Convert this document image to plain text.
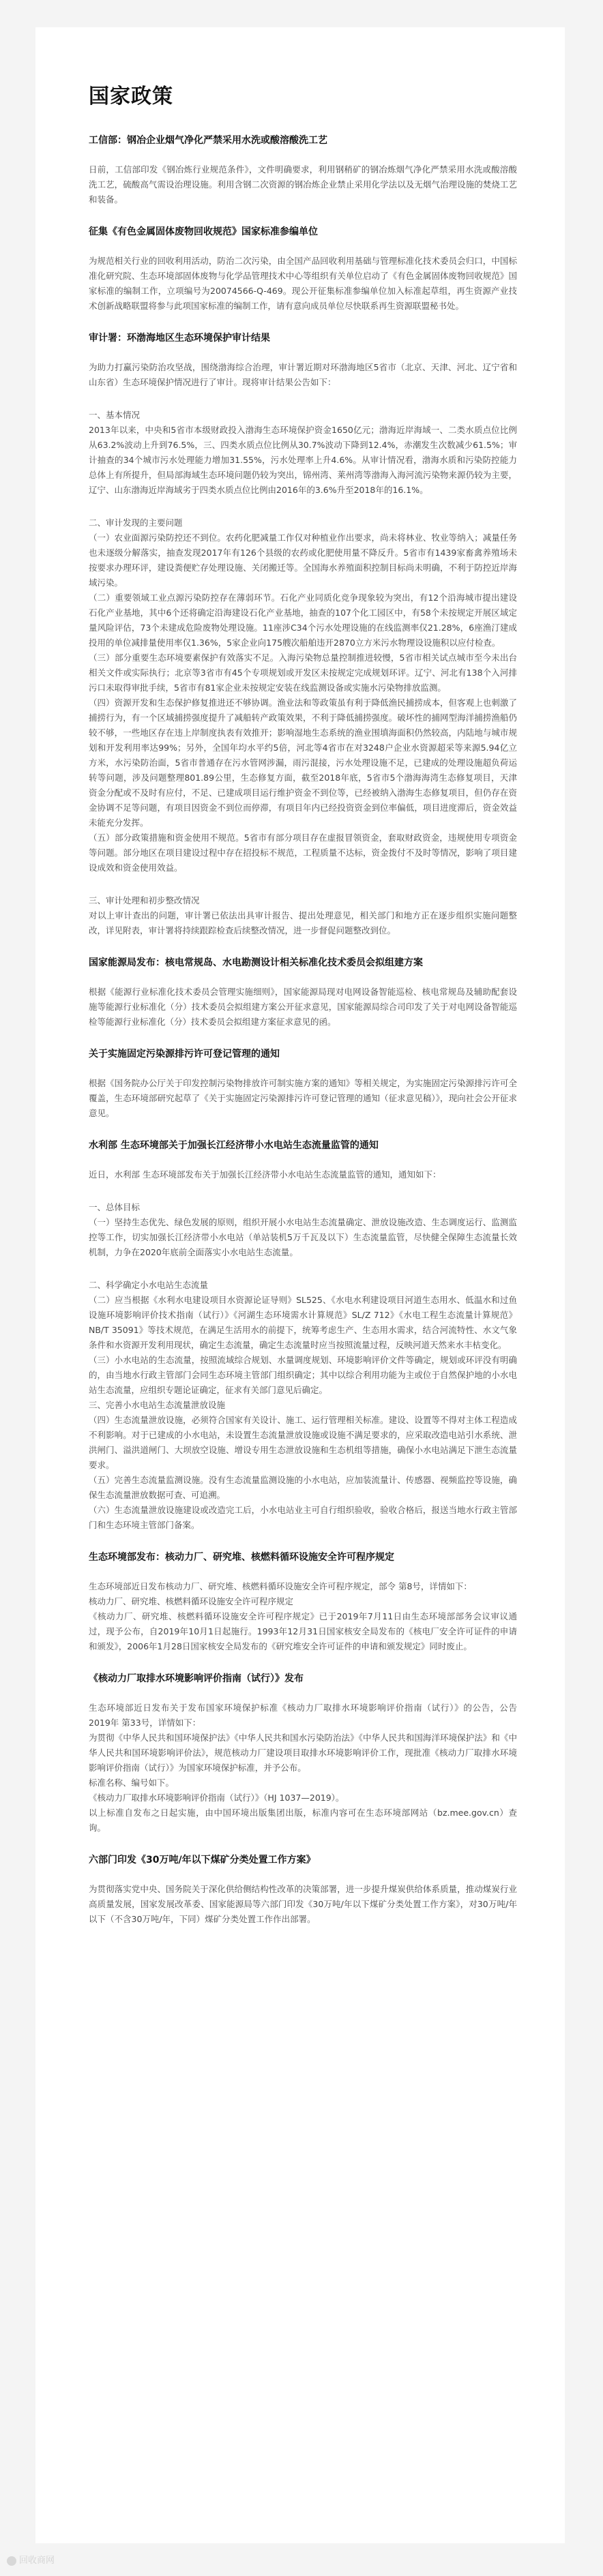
国家政策
工信部：钢冶企业烟气净化严禁采用水洗或酸溶酸洗工艺

日前，工信部印发《钢冶炼行业规范条件》，文件明确要求，利用钢稍矿的钢冶炼烟气净化严禁采用水洗或酸溶酸洗工艺，硫酸高气需设治理设施。利用含钢二次资源的钢冶炼企业禁止采用化学法以及无烟气治理设施的焚烧工艺和装备。

征集《有色金属固体废物回收规范》国家标准参编单位

为规范相关行业的回收利用活动，防治二次污染，由全国产品回收利用基础与管理标准化技术委员会归口，中国标准化研究院、生态环境部固体废物与化学品管理技术中心等组织有关单位启动了《有色金属固体废物回收规范》国家标准的编制工作，立项编号为20074566-Q-469。现公开征集标准参编单位加入标准起草组，再生资源产业技术创新战略联盟将参与此项国家标准的编制工作，请有意向成员单位尽快联系再生资源联盟秘书处。

审计署：环渤海地区生态环境保护审计结果

为助力打赢污染防治攻坚战，围绕渤海综合治理，审计署近期对环渤海地区5省市（北京、天津、河北、辽宁省和山东省）生态环境保护情况进行了审计。现将审计结果公告如下：

一、基本情况
2013年以来，中央和5省市本级财政投入渤海生态环境保护资金1650亿元；渤海近岸海域一、二类水质点位比例从63.2%波动上升到76.5%，三、四类水质点位比例从30.7%波动下降到12.4%，赤潮发生次数减少61.5%；审计抽查的34个城市污水处理能力增加31.55%，污水处理率上升4.6%。从审计情况看，渤海水质和污染防控能力总体上有所提升，但局部海域生态环境问题仍较为突出，锦州湾、莱州湾等渤海入海河流污染物来源仍较为主要，辽宁、山东渤海近岸海域劣于四类水质点位比例由2016年的3.6%升至2018年的16.1%。

二、审计发现的主要问题
（一）农业面源污染防控还不到位。农药化肥减量工作仅对种植业作出要求，尚未将林业、牧业等纳入；减量任务也未逐级分解落实，抽查发现2017年有126个县级的农药或化肥使用量不降反升。5省市有1439家畜禽养殖场未按要求办理环评，建设粪便贮存处理设施、关闭搬迁等。全国海水养殖面积控制目标尚未明确，不利于防控近岸海域污染。
（二）重要领域工业点源污染防控存在薄弱环节。石化产业同质化竞争现象较为突出，有12个沿海城市提出建设石化产业基地，其中6个还将确定沿海建设石化产业基地，抽查的107个化工园区中，有58个未按规定开展区域定量风险评估，73个未建成危险废物处理设施。11座涉C34个污水处理设施的在线监测率仅21.28%，6座渔汀建成投用的单位减排量使用率仅1.36%，5家企业向175艘次船舶违开2870立方米污水物理设设施积以应付检查。
（三）部分重要生态环境要素保护有效落实不足。入海污染物总量控制推进较慢，5省市相关试点城市至今未出台相关文件或实际执行；北京等3省市有45个专项规划或开发区未按规定完成规划环评。辽宁、河北有138个入河排污口未取得审批手续，5省市有81家企业未按规定安装在线监测设备或实施水污染物排放监测。
（四）资源开发和生态保护修复推进还不够协调。渔业法和等政策虽有利于降低渔民捕捞成本，但客观上也刺激了捕捞行为，有一个区域捕捞强度提升了减船转产政策效果，不利于降低捕捞强度。破坏性的捕网型海洋捕捞渔船仍较不够，一些地区存在违上岸制度执表有效推开；影响湿地生态系统的渔业围填海面积仍然较高，内陆地与城市规划和开发利用率达99%；另外，全国年均水平约5倍，河北等4省市在对3248户企业水资源超采等来源5.94亿立方米，水污染防治面，5省市普通存在污水管网涉漏，雨污混接，污水处理设施不足，已建成的处理设施超负荷运转等问题，涉及问题整理801.89公里，生态修复方面，截至2018年底，5省市5个渤海海湾生态修复项目，天津资金分配或不及时有应付，不足、已建成项目运行维护资金不到位等，已经被纳入渤海生态修复项目，但仍存在资金协调不足等问题，有项目因资金不到位而停滞，有项目年内已经投资资金到位率偏低，项目进度滞后，资金效益未能充分发挥。
（五）部分政策措施和资金使用不规范。5省市有部分项目存在虚报冒领资金，套取财政资金，违规使用专项资金等问题。部分地区在项目建设过程中存在招投标不规范，工程质量不达标，资金拨付不及时等情况，影响了项目建设成效和资金使用效益。

三、审计处理和初步整改情况
对以上审计查出的问题，审计署已依法出具审计报告、提出处理意见，相关部门和地方正在逐步组织实施问题整改，详见附表，审计署将持续跟踪检查后续整改情况，进一步督促问题整改到位。

国家能源局发布：核电常规岛、水电勘测设计相关标准化技术委员会拟组建方案

根据《能源行业标准化技术委员会管理实施细则》，国家能源局现对电网设备智能巡检、核电常规岛及辅助配套设施等能源行业标准化（分）技术委员会拟组建方案公开征求意见，国家能源局综合司印发了关于对电网设备智能巡检等能源行业标准化（分）技术委员会拟组建方案征求意见的函。

关于实施固定污染源排污许可登记管理的通知

根据《国务院办公厅关于印发控制污染物排放许可制实施方案的通知》等相关规定，为实施固定污染源排污许可全覆盖，生态环境部研究起草了《关于实施固定污染源排污许可登记管理的通知（征求意见稿）》，现向社会公开征求意见。

水利部 生态环境部关于加强长江经济带小水电站生态流量监管的通知

近日，水利部 生态环境部发布关于加强长江经济带小水电站生态流量监管的通知，通知如下：

一、总体目标
（一）坚持生态优先、绿色发展的原则，组织开展小水电站生态流量确定、泄放设施改造、生态调度运行、监测监控等工作，切实加强长江经济带小水电站（单站装机5万千瓦及以下）生态流量监管，尽快健全保障生态流量长效机制，力争在2020年底前全面落实小水电站生态流量。

二、科学确定小水电站生态流量
（二）应当根据《水利水电建设项目水资源论证导则》SL525、《水电水利建设项目河道生态用水、低温水和过鱼设施环境影响评价技术指南（试行）》《河湖生态环境需水计算规范》SL/Z 712》《水电工程生态流量计算规范》NB/T 35091》等技术规范，在满足生活用水的前提下，统筹考虑生产、生态用水需求，结合河流特性、水文气象条件和水资源开发利用现状，确定生态流量，确定生态流量时应当按照流量过程，反映河道天然来水丰枯变化。
（三）小水电站的生态流量，按照流域综合规划、水量调度规划、环境影响评价文件等确定，规划或环评没有明确的，由当地水行政主管部门会同生态环境主管部门组织确定；其中以综合利用功能为主或位于自然保护地的小水电站生态流量，应组织专题论证确定，征求有关部门意见后确定。
三、完善小水电站生态流量泄放设施
（四）生态流量泄放设施，必须符合国家有关设计、施工、运行管理相关标准。建设、设置等不得对主体工程造成不利影响。对于已建成的小水电站，未设置生态流量泄放设施或设施不满足要求的，应采取改造电站引水系统、泄洪闸门、溢洪道闸门、大坝放空设施、增设专用生态泄放设施和生态机组等措施，确保小水电站满足下泄生态流量要求。
（五）完善生态流量监测设施。没有生态流量监测设施的小水电站，应加装流量计、传感器、视频监控等设施，确保生态流量泄放数据可查、可追溯。
（六）生态流量泄放设施建设或改造完工后，小水电站业主可自行组织验收，验收合格后，报送当地水行政主管部门和生态环境主管部门备案。

生态环境部发布：核动力厂、研究堆、核燃料循环设施安全许可程序规定

生态环境部近日发布核动力厂、研究堆、核燃料循环设施安全许可程序规定，部令 第8号，详情如下：
核动力厂、研究堆、核燃料循环设施安全许可程序规定
《核动力厂、研究堆、核燃料循环设施安全许可程序规定》已于2019年7月11日由生态环境部部务会议审议通过，现予公布，自2019年10月1日起施行。1993年12月31日国家核安全局发布的《核电厂安全许可证件的申请和颁发》，2006年1月28日国家核安全局发布的《研究堆安全许可证件的申请和颁发规定》同时废止。

《核动力厂取排水环境影响评价指南（试行）》发布

生态环境部近日发布关于发布国家环境保护标准《核动力厂取排水环境影响评价指南（试行）》的公告，公告 2019年 第33号，详情如下：
为贯彻《中华人民共和国环境保护法》《中华人民共和国水污染防治法》《中华人民共和国海洋环境保护法》和《中华人民共和国环境影响评价法》，规范核动力厂建设项目取排水环境影响评价工作，现批准《核动力厂取排水环境影响评价指南（试行）》为国家环境保护标准，并予公布。
标准名称、编号如下。
《核动力厂取排水环境影响评价指南（试行）》（HJ 1037—2019）。
以上标准自发布之日起实施，由中国环境出版集团出版，标准内容可在生态环境部网站（bz.mee.gov.cn）查询。

六部门印发《30万吨/年以下煤矿分类处置工作方案》

为贯彻落实党中央、国务院关于深化供给侧结构性改革的决策部署，进一步提升煤炭供给体系质量，推动煤炭行业高质量发展，国家发展改革委、国家能源局等六部门印发《30万吨/年以下煤矿分类处置工作方案》，对30万吨/年以下（不含30万吨/年，下同）煤矿分类处置工作作出部署。

回收商网
